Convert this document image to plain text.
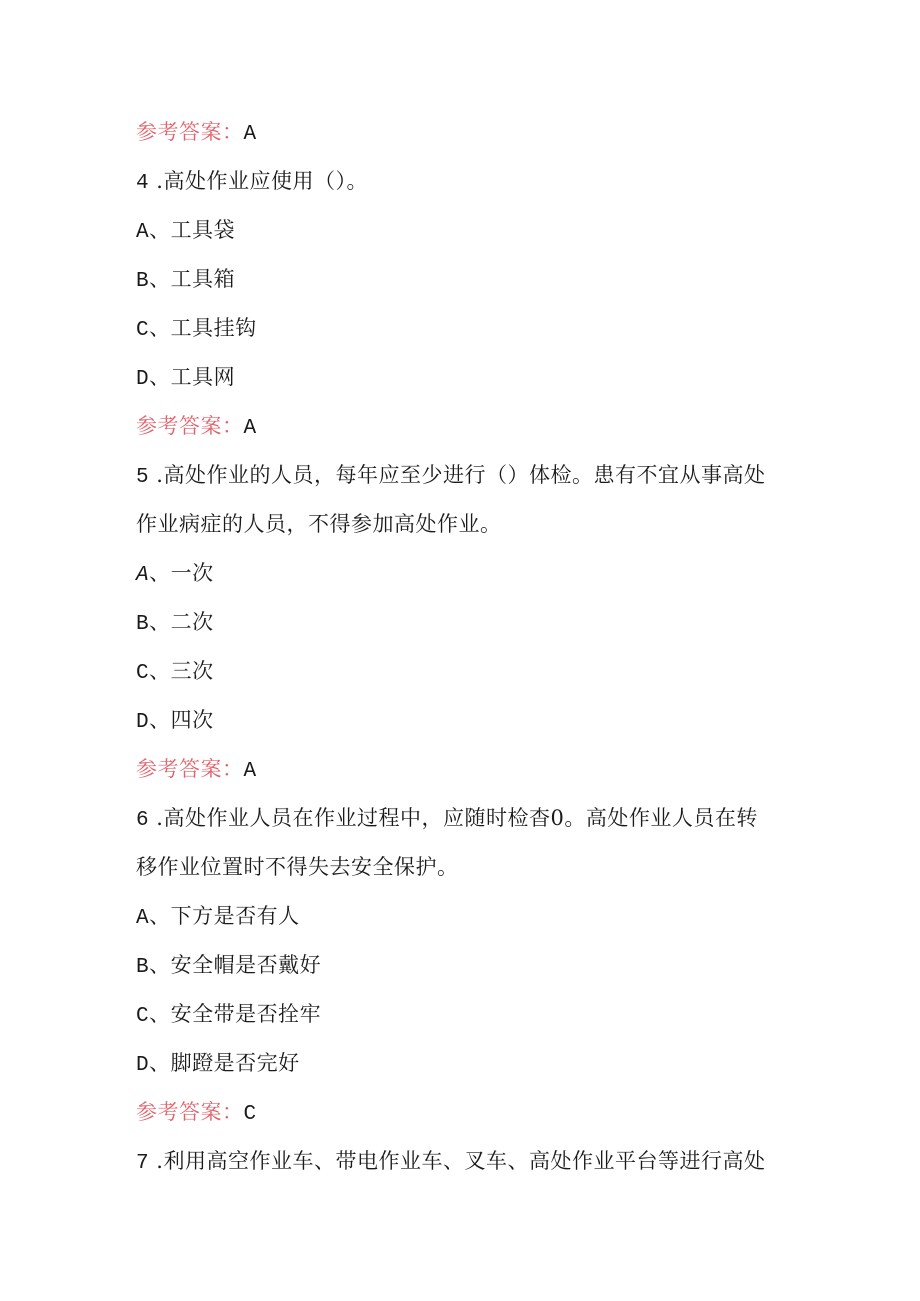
参考答案：A
4 .高处作业应使用（）。
A、工具袋
B、工具箱
C、工具挂钩
D、工具网
参考答案：A
5 .高处作业的人员，每年应至少进行（）体检。患有不宜从事高处
作业病症的人员，不得参加高处作业。
A、一次
B、二次
C、三次
D、四次
参考答案：A
6 .高处作业人员在作业过程中，应随时检杳0。高处作业人员在转
移作业位置时不得失去安全保护。
A、下方是否有人
B、安全帽是否戴好
C、安全带是否拴牢
D、脚蹬是否完好
参考答案：C
7 .利用高空作业车、带电作业车、叉车、高处作业平台等进行高处
